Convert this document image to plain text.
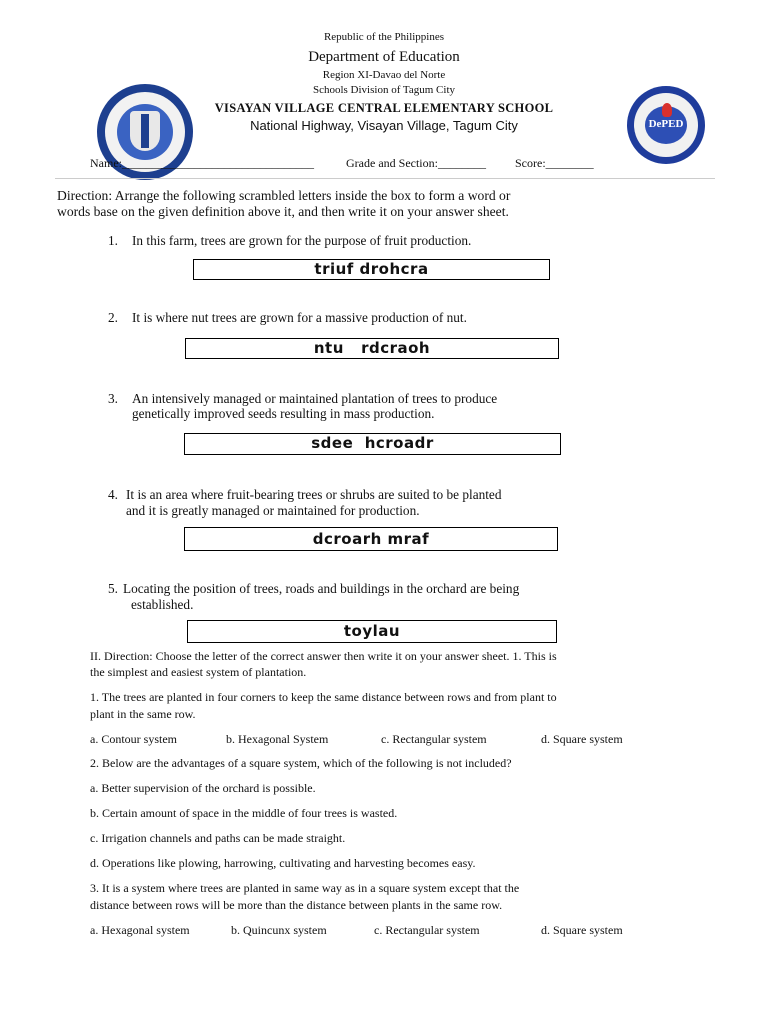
Republic of the Philippines
Department of Education
Region XI-Davao del Norte
Schools Division of Tagum City
VISAYAN VILLAGE CENTRAL ELEMENTARY SCHOOL
National Highway, Visayan Village, Tagum City	DePED
Name:________________________________	Grade and Section:________ Score:________
Direction: Arrange the following scrambled letters inside the box to form a word or
words base on the given definition above it, and then write it on your answer sheet.
1. In this farm, trees are grown for the purpose of fruit production.
triuf drohcra
2. It is where nut trees are grown for a massive production of nut.
ntu   rdcraoh
3. An intensively managed or maintained plantation of trees to produce
genetically improved seeds resulting in mass production.
sdee  hcroadr
4. It is an area where fruit-bearing trees or shrubs are suited to be planted
and it is greatly managed or maintained for production.
dcroarh mraf
5. Locating the position of trees, roads and buildings in the orchard are being
established.
toylau
II. Direction: Choose the letter of the correct answer then write it on your answer sheet. 1. This is
the simplest and easiest system of plantation.
1. The trees are planted in four corners to keep the same distance between rows and from plant to
plant in the same row.
a. Contour system	b. Hexagonal System	c. Rectangular system	d. Square system
2. Below are the advantages of a square system, which of the following is not included?
a. Better supervision of the orchard is possible.
b. Certain amount of space in the middle of four trees is wasted.
c. Irrigation channels and paths can be made straight.
d. Operations like plowing, harrowing, cultivating and harvesting becomes easy.
3. It is a system where trees are planted in same way as in a square system except that the
distance between rows will be more than the distance between plants in the same row.
a. Hexagonal system	b. Quincunx system	c. Rectangular system	d. Square system
